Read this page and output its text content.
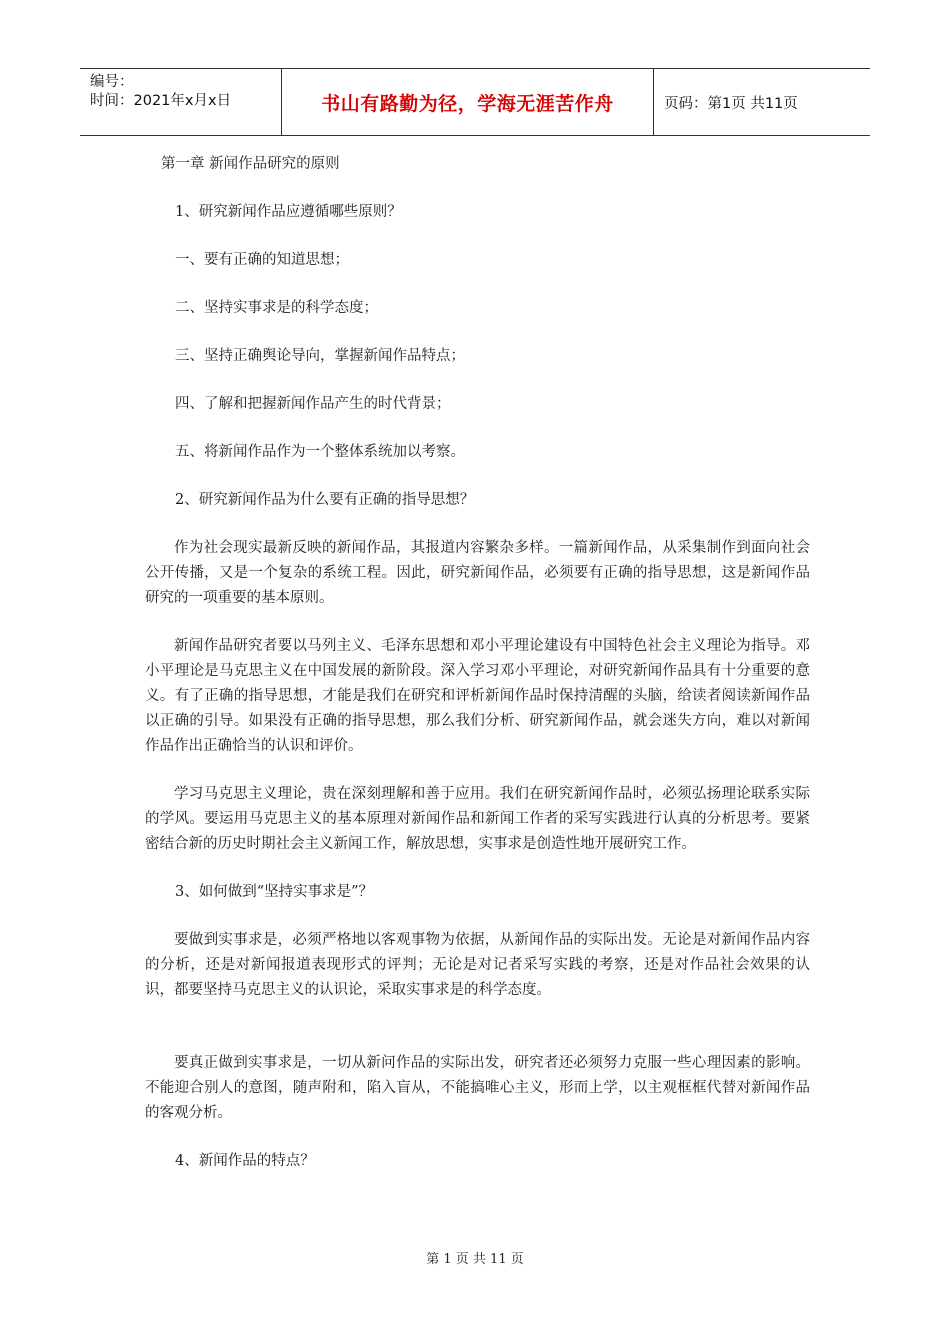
编号：
时间：2021年x月x日	书山有路勤为径，学海无涯苦作舟	页码：第1页 共11页

第一章 新闻作品研究的原则

1、研究新闻作品应遵循哪些原则？

一、要有正确的知道思想；

二、坚持实事求是的科学态度；

三、坚持正确舆论导向，掌握新闻作品特点；

四、了解和把握新闻作品产生的时代背景；

五、将新闻作品作为一个整体系统加以考察。

2、研究新闻作品为什么要有正确的指导思想？

作为社会现实最新反映的新闻作品，其报道内容繁杂多样。一篇新闻作品，从采集制作到面向社会公开传播，又是一个复杂的系统工程。因此，研究新闻作品，必须要有正确的指导思想，这是新闻作品研究的一项重要的基本原则。

新闻作品研究者要以马列主义、毛泽东思想和邓小平理论建设有中国特色社会主义理论为指导。邓小平理论是马克思主义在中国发展的新阶段。深入学习邓小平理论，对研究新闻作品具有十分重要的意义。有了正确的指导思想，才能是我们在研究和评析新闻作品时保持清醒的头脑，给读者阅读新闻作品以正确的引导。如果没有正确的指导思想，那么我们分析、研究新闻作品，就会迷失方向，难以对新闻作品作出正确恰当的认识和评价。

学习马克思主义理论，贵在深刻理解和善于应用。我们在研究新闻作品时，必须弘扬理论联系实际的学风。要运用马克思主义的基本原理对新闻作品和新闻工作者的采写实践进行认真的分析思考。要紧密结合新的历史时期社会主义新闻工作，解放思想，实事求是创造性地开展研究工作。

3、如何做到“坚持实事求是”？

要做到实事求是，必须严格地以客观事物为依据，从新闻作品的实际出发。无论是对新闻作品内容的分析，还是对新闻报道表现形式的评判；无论是对记者采写实践的考察，还是对作品社会效果的认识，都要坚持马克思主义的认识论，采取实事求是的科学态度。

要真正做到实事求是，一切从新问作品的实际出发，研究者还必须努力克服一些心理因素的影响。不能迎合别人的意图，随声附和，陷入盲从，不能搞唯心主义，形而上学，以主观框框代替对新闻作品的客观分析。

4、新闻作品的特点？

第 1 页 共 11 页
